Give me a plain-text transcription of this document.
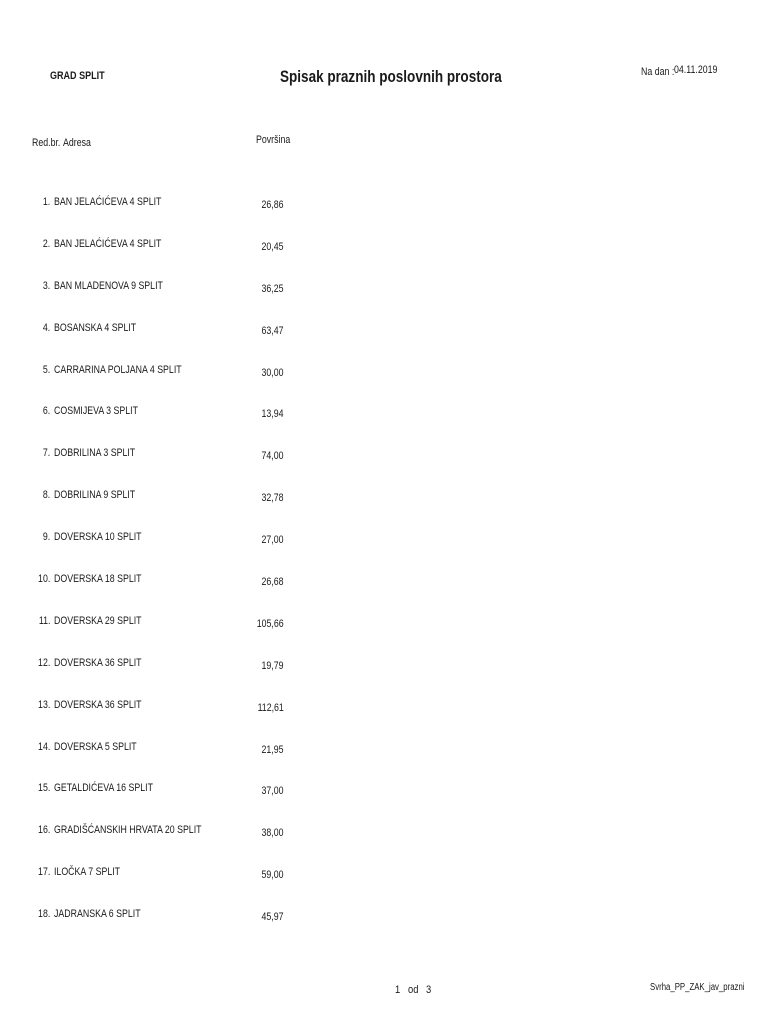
GRAD SPLIT	Spisak praznih poslovnih prostora	Na dan : 04.11.2019
Red.br. Adresa	Površina
1. BAN JELAĆIĆEVA 4 SPLIT	26,86
2. BAN JELAĆIĆEVA 4 SPLIT	20,45
3. BAN MLADENOVA 9 SPLIT	36,25
4. BOSANSKA 4 SPLIT	63,47
5. CARRARINA POLJANA 4 SPLIT	30,00
6. COSMIJEVA 3 SPLIT	13,94
7. DOBRILINA 3 SPLIT	74,00
8. DOBRILINA 9 SPLIT	32,78
9. DOVERSKA 10 SPLIT	27,00
10. DOVERSKA 18 SPLIT	26,68
11. DOVERSKA 29 SPLIT	105,66
12. DOVERSKA 36 SPLIT	19,79
13. DOVERSKA 36 SPLIT	112,61
14. DOVERSKA 5 SPLIT	21,95
15. GETALDIĆEVA 16 SPLIT	37,00
16. GRADIŠĆANSKIH HRVATA 20 SPLIT	38,00
17. ILOČKA 7 SPLIT	59,00
18. JADRANSKA 6 SPLIT	45,97
1 od 3	Svrha_PP_ZAK_jav_prazni
